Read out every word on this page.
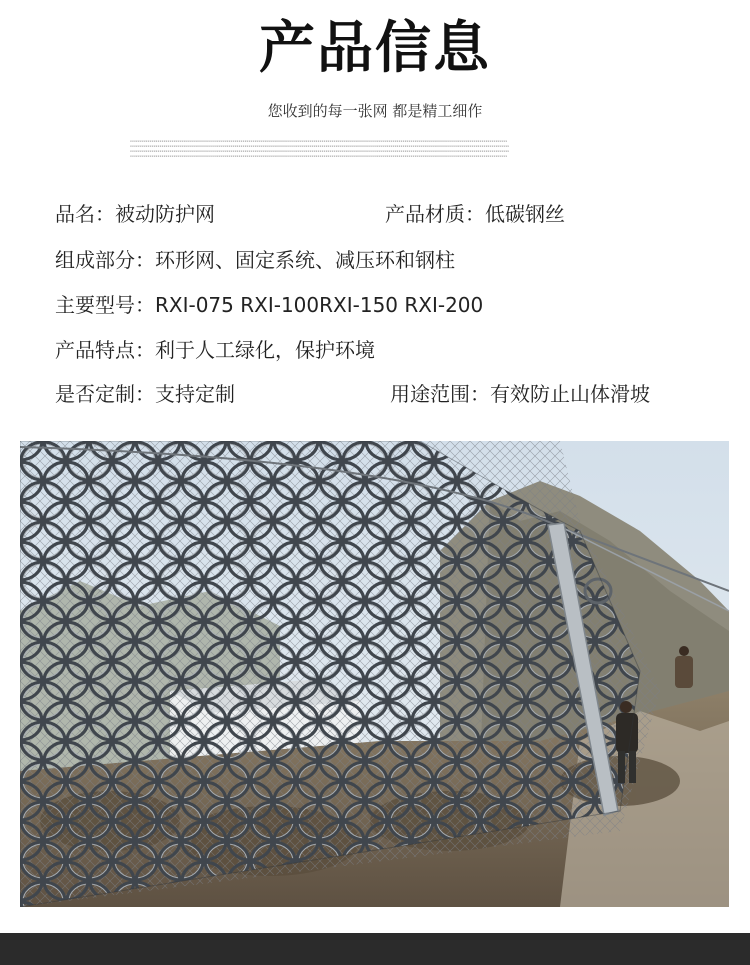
产品信息
您收到的每一张网 都是精工细作
xxxxxxxxxxxxxxxxxxxxxxxxxxxxxxxxxxxxxxxxxxxxxxxxxxxxxxxxxxxxxxxxxxxxxxxxxxxxxxxxxxxxxxxxxxxxxxxxxxxxxxxxxxxxxxxxxxxxxxxxxxxxxxxxxxxxxxxxxxxxxxxxxxxxxxxxxxxxxxxxxxxxxxxxxxxxxxxxxxxxxxxxxxxxxxx
xxxxxxxxxxxxxxxxxxxxxxxxxxxxxxxxxxxxxxxxxxxxxxxxxxxxxxxxxxxxxxxxxxxxxxxxxxxxxxxxxxxxxxxxxxxxxxxxxxxxxxxxxxxxxxxxxxxxxxxxxxxxxxxxxxxxxxxxxxxxxxxxxxxxxxxxxxxxxxxxxxxxxxxxxxxxxxxxxxxxxxxxxxxxxxxx
xxxxxxxxxxxxxxxxxxxxxxxxxxxxxxxxxxxxxxxxxxxxxxxxxxxxxxxxxxxxxxxxxxxxxxxxxxxxxxxxxxxxxxxxxxxxxxxxxxxxxxxxxxxxxxxxxxxxxxxxxxxxxxxxxxxxxxxxxxxxxxxxxxxxxxxxxxxxxxxxxxxxxxxxxxxxxxxxxxxxxxxxxxxxxxxx
xxxxxxxxxxxxxxxxxxxxxxxxxxxxxxxxxxxxxxxxxxxxxxxxxxxxxxxxxxxxxxxxxxxxxxxxxxxxxxxxxxxxxxxxxxxxxxxxxxxxxxxxxxxxxxxxxxxxxxxxxxxxxxxxxxxxxxxxxxxxxxxxxxxxxxxxxxxxxxxxxxxxxxxxxxxxxxxxxxxxxxxxxxxxxxx
品名：被动防护网	产品材质：低碳钢丝
组成部分：环形网、固定系统、减压环和钢柱
主要型号：RXI-075 RXI-100RXI-150 RXI-200
产品特点：利于人工绿化，保护环境
是否定制：支持定制	用途范围：有效防止山体滑坡
